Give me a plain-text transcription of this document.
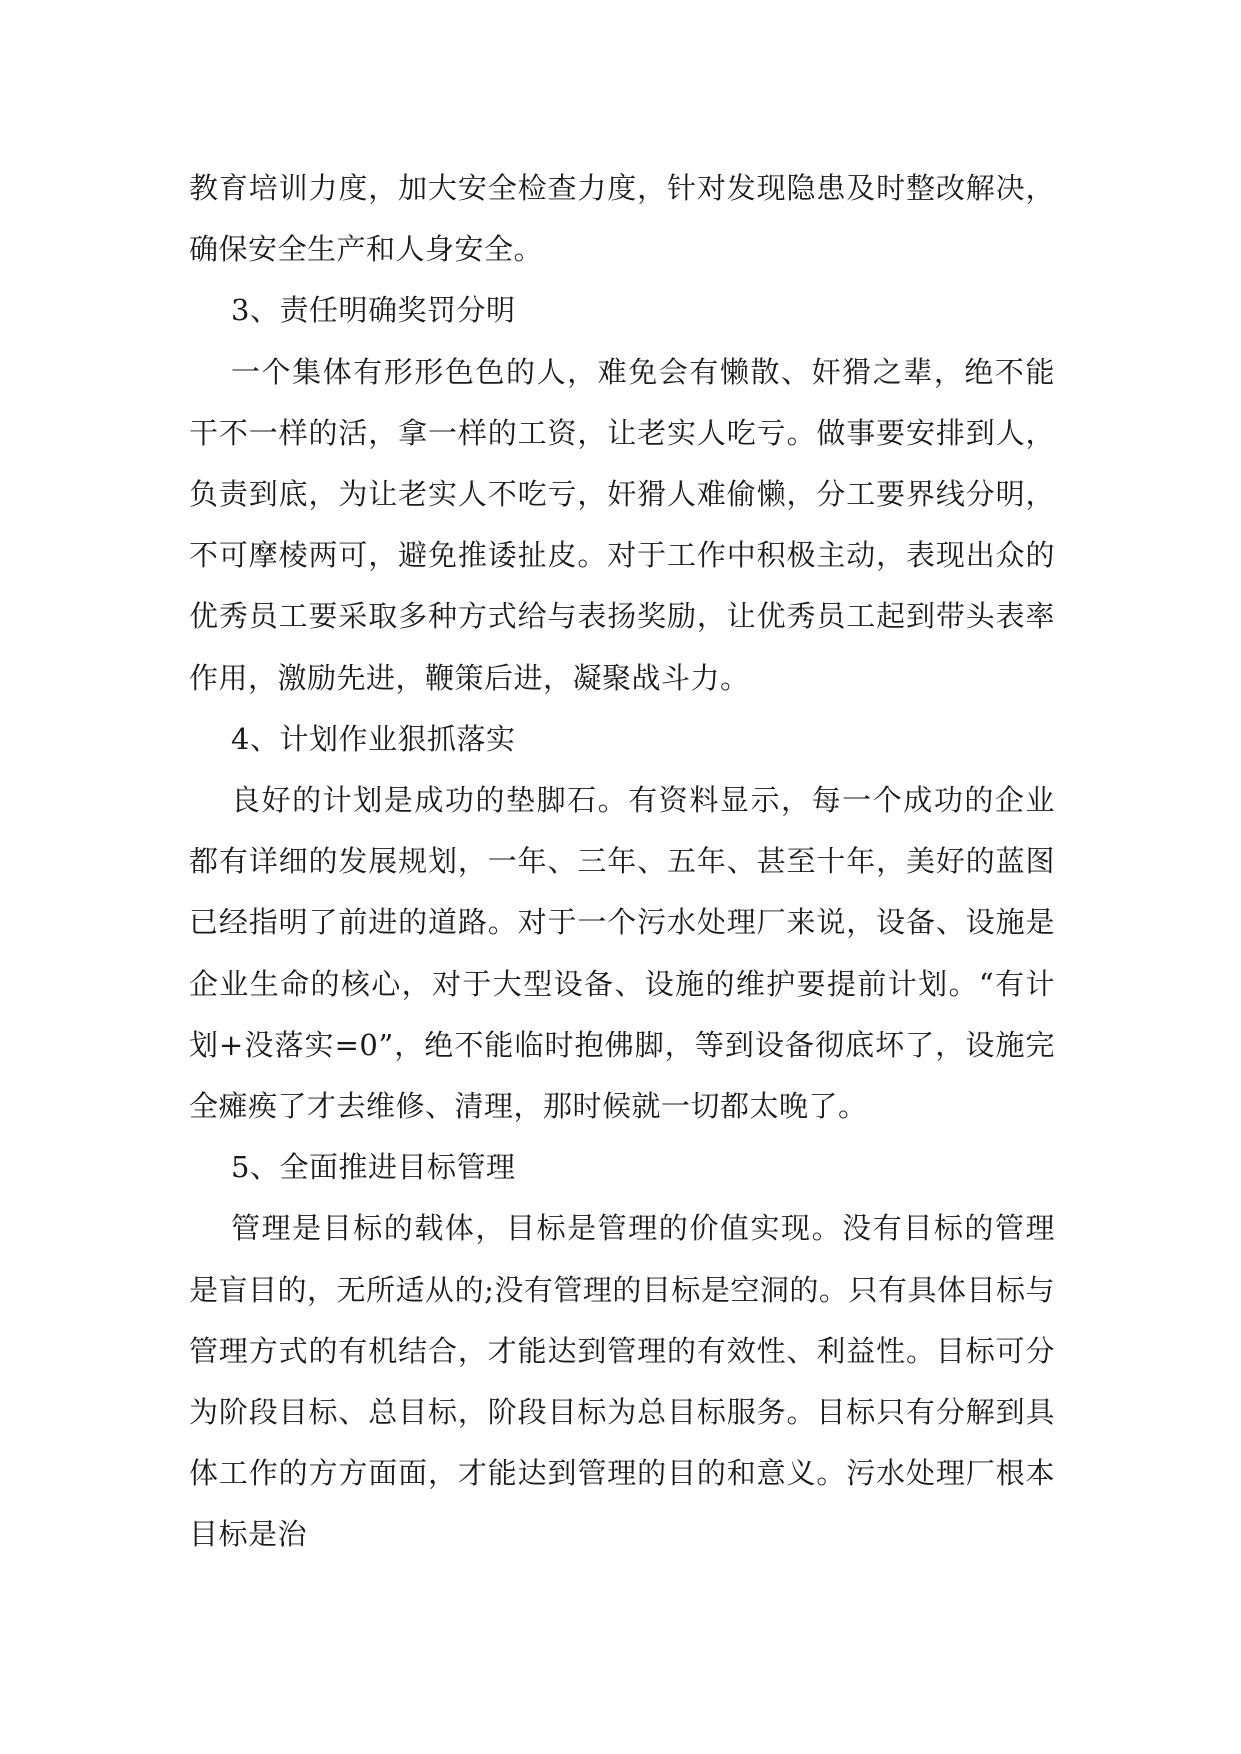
教育培训力度，加大安全检查力度，针对发现隐患及时整改解决，确保安全生产和人身安全。

3、责任明确奖罚分明

一个集体有形形色色的人，难免会有懒散、奸猾之辈，绝不能干不一样的活，拿一样的工资，让老实人吃亏。做事要安排到人，负责到底，为让老实人不吃亏，奸猾人难偷懒，分工要界线分明，不可摩棱两可，避免推诿扯皮。对于工作中积极主动，表现出众的优秀员工要采取多种方式给与表扬奖励，让优秀员工起到带头表率作用，激励先进，鞭策后进，凝聚战斗力。

4、计划作业狠抓落实

良好的计划是成功的垫脚石。有资料显示，每一个成功的企业都有详细的发展规划，一年、三年、五年、甚至十年，美好的蓝图已经指明了前进的道路。对于一个污水处理厂来说，设备、设施是企业生命的核心，对于大型设备、设施的维护要提前计划。“有计划+没落实=0”，绝不能临时抱佛脚，等到设备彻底坏了，设施完全瘫痪了才去维修、清理，那时候就一切都太晚了。

5、全面推进目标管理

管理是目标的载体，目标是管理的价值实现。没有目标的管理是盲目的，无所适从的;没有管理的目标是空洞的。只有具体目标与管理方式的有机结合，才能达到管理的有效性、利益性。目标可分为阶段目标、总目标，阶段目标为总目标服务。目标只有分解到具体工作的方方面面，才能达到管理的目的和意义。污水处理厂根本目标是治
